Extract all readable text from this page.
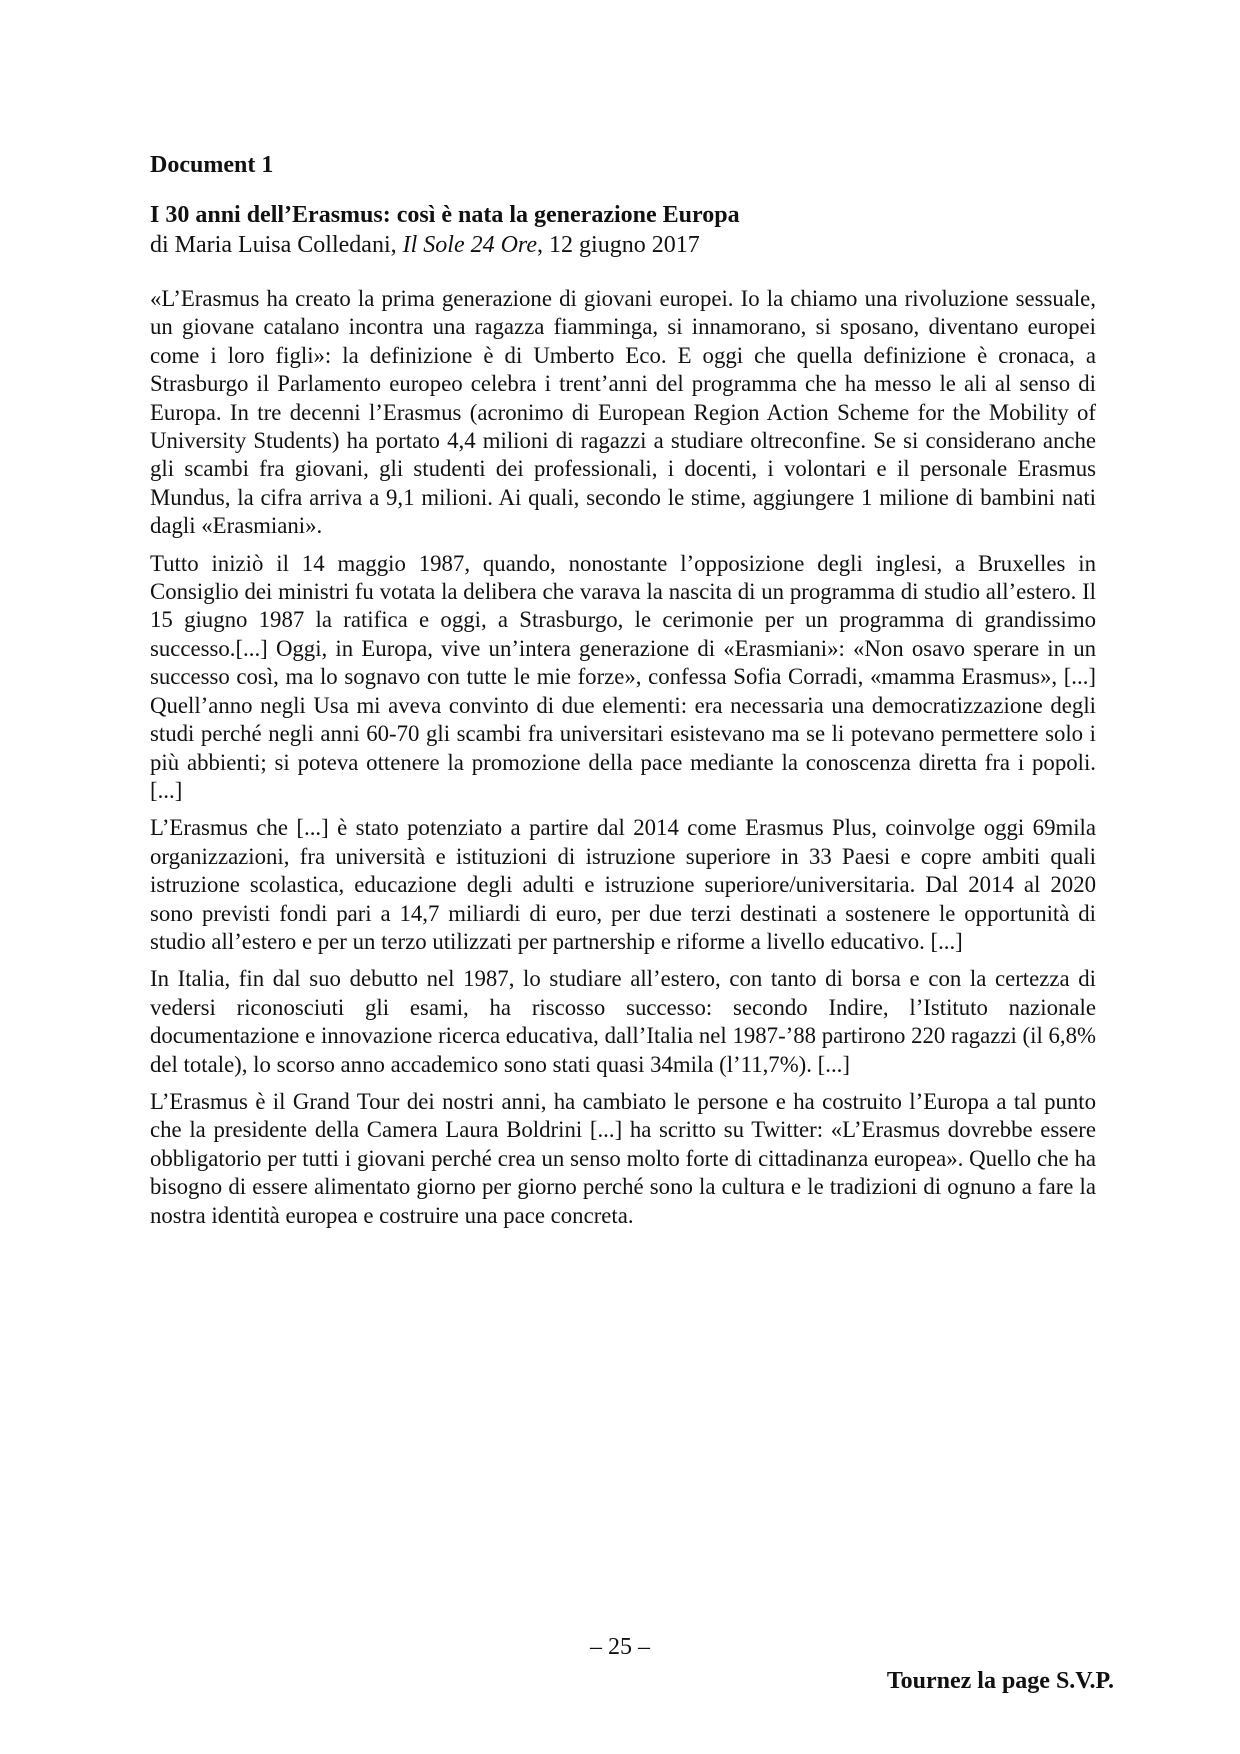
Document 1
I 30 anni dell’Erasmus: così è nata la generazione Europa
di Maria Luisa Colledani, Il Sole 24 Ore, 12 giugno 2017

«L’Erasmus ha creato la prima generazione di giovani europei. Io la chiamo una rivoluzione sessuale, un giovane catalano incontra una ragazza fiamminga, si innamorano, si sposano, diventano europei come i loro figli»: la definizione è di Umberto Eco. E oggi che quella definizione è cronaca, a Strasburgo il Parlamento europeo celebra i trent’anni del programma che ha messo le ali al senso di Europa. In tre decenni l’Erasmus (acronimo di European Region Action Scheme for the Mobility of University Students) ha portato 4,4 milioni di ragazzi a studiare oltreconfine. Se si considerano anche gli scambi fra giovani, gli studenti dei professionali, i docenti, i volontari e il personale Erasmus Mundus, la cifra arriva a 9,1 milioni. Ai quali, secondo le stime, aggiungere 1 milione di bambini nati dagli «Erasmiani».

Tutto iniziò il 14 maggio 1987, quando, nonostante l’opposizione degli inglesi, a Bruxelles in Consiglio dei ministri fu votata la delibera che varava la nascita di un programma di studio all’estero. Il 15 giugno 1987 la ratifica e oggi, a Strasburgo, le cerimonie per un programma di grandissimo successo.[...] Oggi, in Europa, vive un’intera generazione di «Erasmiani»: «Non osavo sperare in un successo così, ma lo sognavo con tutte le mie forze», confessa Sofia Corradi, «mamma Erasmus», [...] Quell’anno negli Usa mi aveva convinto di due elementi: era necessaria una democratizzazione degli studi perché negli anni 60-70 gli scambi fra universitari esistevano ma se li potevano permettere solo i più abbienti; si poteva ottenere la promozione della pace mediante la conoscenza diretta fra i popoli. [...]

L’Erasmus che [...] è stato potenziato a partire dal 2014 come Erasmus Plus, coinvolge oggi 69mila organizzazioni, fra università e istituzioni di istruzione superiore in 33 Paesi e copre ambiti quali istruzione scolastica, educazione degli adulti e istruzione superiore/universitaria. Dal 2014 al 2020 sono previsti fondi pari a 14,7 miliardi di euro, per due terzi destinati a sostenere le opportunità di studio all’estero e per un terzo utilizzati per partnership e riforme a livello educativo. [...]

In Italia, fin dal suo debutto nel 1987, lo studiare all’estero, con tanto di borsa e con la certezza di vedersi riconosciuti gli esami, ha riscosso successo: secondo Indire, l’Istituto nazionale documentazione e innovazione ricerca educativa, dall’Italia nel 1987-’88 partirono 220 ragazzi (il 6,8% del totale), lo scorso anno accademico sono stati quasi 34mila (l’11,7%). [...]

L’Erasmus è il Grand Tour dei nostri anni, ha cambiato le persone e ha costruito l’Europa a tal punto che la presidente della Camera Laura Boldrini [...] ha scritto su Twitter: «L’Erasmus dovrebbe essere obbligatorio per tutti i giovani perché crea un senso molto forte di cittadinanza europea». Quello che ha bisogno di essere alimentato giorno per giorno perché sono la cultura e le tradizioni di ognuno a fare la nostra identità europea e costruire una pace concreta.

– 25 –
Tournez la page S.V.P.
